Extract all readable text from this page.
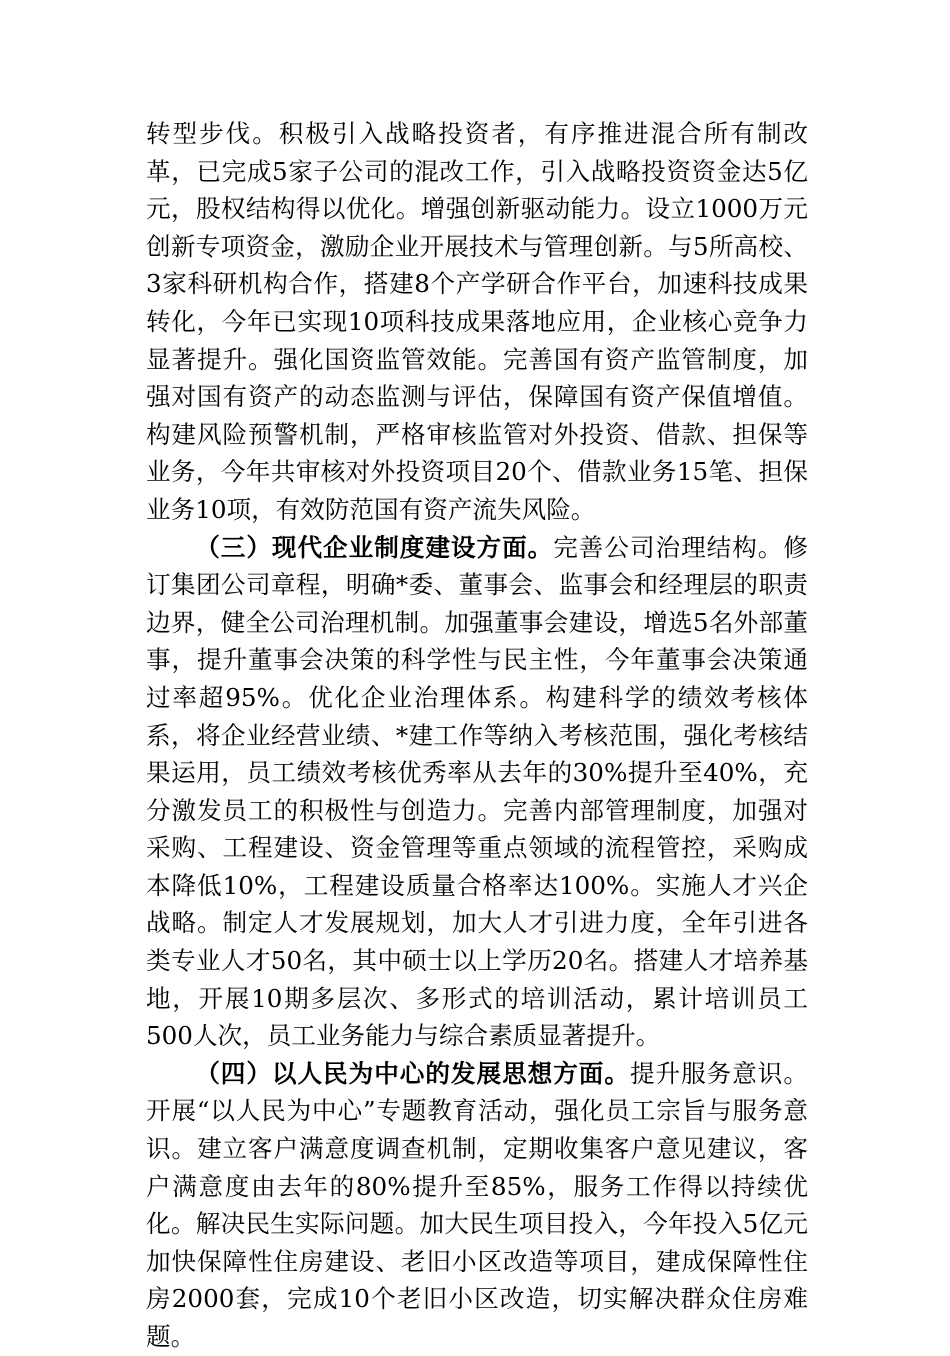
转型步伐。积极引入战略投资者，有序推进混合所有制改革，已完成5家子公司的混改工作，引入战略投资资金达5亿元，股权结构得以优化。增强创新驱动能力。设立1000万元创新专项资金，激励企业开展技术与管理创新。与5所高校、3家科研机构合作，搭建8个产学研合作平台，加速科技成果转化，今年已实现10项科技成果落地应用，企业核心竞争力显著提升。强化国资监管效能。完善国有资产监管制度，加强对国有资产的动态监测与评估，保障国有资产保值增值。构建风险预警机制，严格审核监管对外投资、借款、担保等业务，今年共审核对外投资项目20个、借款业务15笔、担保业务10项，有效防范国有资产流失风险。

（三）现代企业制度建设方面。完善公司治理结构。修订集团公司章程，明确*委、董事会、监事会和经理层的职责边界，健全公司治理机制。加强董事会建设，增选5名外部董事，提升董事会决策的科学性与民主性，今年董事会决策通过率超95%。优化企业治理体系。构建科学的绩效考核体系，将企业经营业绩、*建工作等纳入考核范围，强化考核结果运用，员工绩效考核优秀率从去年的30%提升至40%，充分激发员工的积极性与创造力。完善内部管理制度，加强对采购、工程建设、资金管理等重点领域的流程管控，采购成本降低10%，工程建设质量合格率达100%。实施人才兴企战略。制定人才发展规划，加大人才引进力度，全年引进各类专业人才50名，其中硕士以上学历20名。搭建人才培养基地，开展10期多层次、多形式的培训活动，累计培训员工500人次，员工业务能力与综合素质显著提升。

（四）以人民为中心的发展思想方面。提升服务意识。开展“以人民为中心”专题教育活动，强化员工宗旨与服务意识。建立客户满意度调查机制，定期收集客户意见建议，客户满意度由去年的80%提升至85%，服务工作得以持续优化。解决民生实际问题。加大民生项目投入，今年投入5亿元加快保障性住房建设、老旧小区改造等项目，建成保障性住房2000套，完成10个老旧小区改造，切实解决群众住房难题。
